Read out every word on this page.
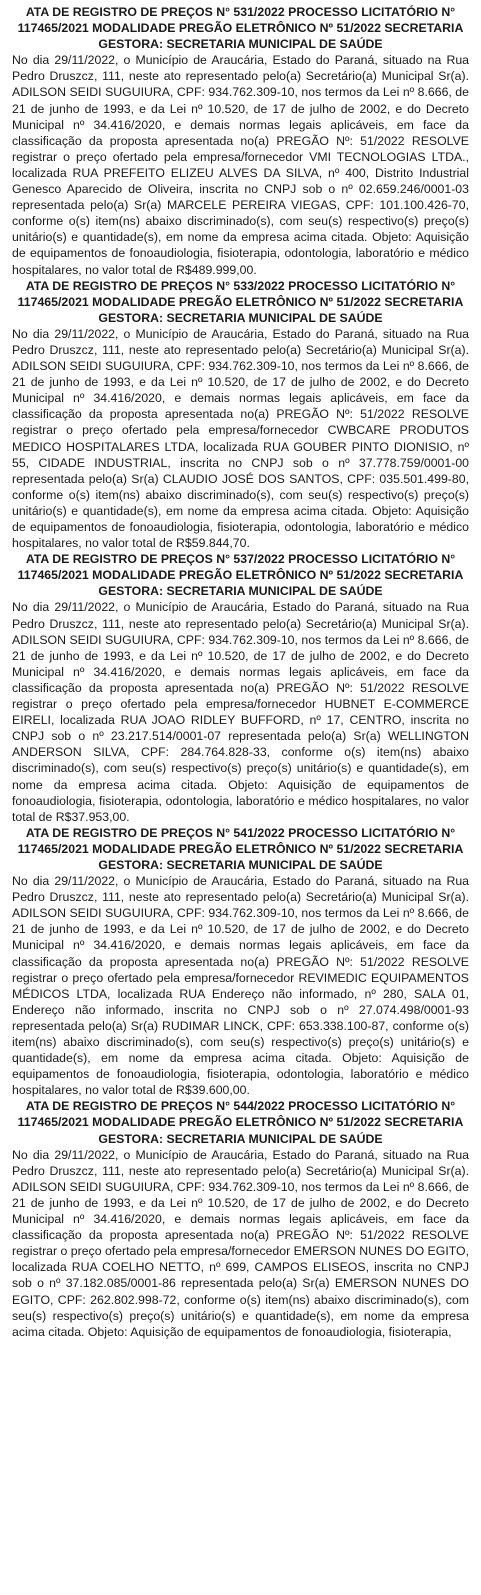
ATA DE REGISTRO DE PREÇOS N° 531/2022 PROCESSO LICITATÓRIO N° 117465/2021 MODALIDADE PREGÃO ELETRÔNICO Nº 51/2022 SECRETARIA GESTORA: SECRETARIA MUNICIPAL DE SAÚDE

No dia 29/11/2022, o Município de Araucária, Estado do Paraná, situado na Rua Pedro Druszcz, 111, neste ato representado pelo(a) Secretário(a) Municipal Sr(a). ADILSON SEIDI SUGUIURA, CPF: 934.762.309-10, nos termos da Lei nº 8.666, de 21 de junho de 1993, e da Lei nº 10.520, de 17 de julho de 2002, e do Decreto Municipal nº 34.416/2020, e demais normas legais aplicáveis, em face da classificação da proposta apresentada no(a) PREGÃO Nº: 51/2022 RESOLVE registrar o preço ofertado pela empresa/fornecedor VMI TECNOLOGIAS LTDA., localizada RUA PREFEITO ELIZEU ALVES DA SILVA, nº 400, Distrito Industrial Genesco Aparecido de Oliveira, inscrita no CNPJ sob o nº 02.659.246/0001-03 representada pelo(a) Sr(a) MARCELE PEREIRA VIEGAS, CPF: 101.100.426-70, conforme o(s) item(ns) abaixo discriminado(s), com seu(s) respectivo(s) preço(s) unitário(s) e quantidade(s), em nome da empresa acima citada. Objeto: Aquisição de equipamentos de fonoaudiologia, fisioterapia, odontologia, laboratório e médico hospitalares, no valor total de R$489.999,00.

ATA DE REGISTRO DE PREÇOS N° 533/2022 PROCESSO LICITATÓRIO N° 117465/2021 MODALIDADE PREGÃO ELETRÔNICO Nº 51/2022 SECRETARIA GESTORA: SECRETARIA MUNICIPAL DE SAÚDE

No dia 29/11/2022, o Município de Araucária, Estado do Paraná, situado na Rua Pedro Druszcz, 111, neste ato representado pelo(a) Secretário(a) Municipal Sr(a). ADILSON SEIDI SUGUIURA, CPF: 934.762.309-10, nos termos da Lei nº 8.666, de 21 de junho de 1993, e da Lei nº 10.520, de 17 de julho de 2002, e do Decreto Municipal nº 34.416/2020, e demais normas legais aplicáveis, em face da classificação da proposta apresentada no(a) PREGÃO Nº: 51/2022 RESOLVE registrar o preço ofertado pela empresa/fornecedor CWBCARE PRODUTOS MEDICO HOSPITALARES LTDA, localizada RUA GOUBER PINTO DIONISIO, nº 55, CIDADE INDUSTRIAL, inscrita no CNPJ sob o nº 37.778.759/0001-00 representada pelo(a) Sr(a) CLAUDIO JOSÉ DOS SANTOS, CPF: 035.501.499-80, conforme o(s) item(ns) abaixo discriminado(s), com seu(s) respectivo(s) preço(s) unitário(s) e quantidade(s), em nome da empresa acima citada. Objeto: Aquisição de equipamentos de fonoaudiologia, fisioterapia, odontologia, laboratório e médico hospitalares, no valor total de R$59.844,70.

ATA DE REGISTRO DE PREÇOS N° 537/2022 PROCESSO LICITATÓRIO N° 117465/2021 MODALIDADE PREGÃO ELETRÔNICO Nº 51/2022 SECRETARIA GESTORA: SECRETARIA MUNICIPAL DE SAÚDE

No dia 29/11/2022, o Município de Araucária, Estado do Paraná, situado na Rua Pedro Druszcz, 111, neste ato representado pelo(a) Secretário(a) Municipal Sr(a). ADILSON SEIDI SUGUIURA, CPF: 934.762.309-10, nos termos da Lei nº 8.666, de 21 de junho de 1993, e da Lei nº 10.520, de 17 de julho de 2002, e do Decreto Municipal nº 34.416/2020, e demais normas legais aplicáveis, em face da classificação da proposta apresentada no(a) PREGÃO Nº: 51/2022 RESOLVE registrar o preço ofertado pela empresa/fornecedor HUBNET E-COMMERCE EIRELI, localizada RUA JOAO RIDLEY BUFFORD, nº 17, CENTRO, inscrita no CNPJ sob o nº 23.217.514/0001-07 representada pelo(a) Sr(a) WELLINGTON ANDERSON SILVA, CPF: 284.764.828-33, conforme o(s) item(ns) abaixo discriminado(s), com seu(s) respectivo(s) preço(s) unitário(s) e quantidade(s), em nome da empresa acima citada. Objeto: Aquisição de equipamentos de fonoaudiologia, fisioterapia, odontologia, laboratório e médico hospitalares, no valor total de R$37.953,00.

ATA DE REGISTRO DE PREÇOS N° 541/2022 PROCESSO LICITATÓRIO N° 117465/2021 MODALIDADE PREGÃO ELETRÔNICO Nº 51/2022 SECRETARIA GESTORA: SECRETARIA MUNICIPAL DE SAÚDE

No dia 29/11/2022, o Município de Araucária, Estado do Paraná, situado na Rua Pedro Druszcz, 111, neste ato representado pelo(a) Secretário(a) Municipal Sr(a). ADILSON SEIDI SUGUIURA, CPF: 934.762.309-10, nos termos da Lei nº 8.666, de 21 de junho de 1993, e da Lei nº 10.520, de 17 de julho de 2002, e do Decreto Municipal nº 34.416/2020, e demais normas legais aplicáveis, em face da classificação da proposta apresentada no(a) PREGÃO Nº: 51/2022 RESOLVE registrar o preço ofertado pela empresa/fornecedor REVIMEDIC EQUIPAMENTOS MÉDICOS LTDA, localizada RUA Endereço não informado, nº 280, SALA 01, Endereço não informado, inscrita no CNPJ sob o nº 27.074.498/0001-93 representada pelo(a) Sr(a) RUDIMAR LINCK, CPF: 653.338.100-87, conforme o(s) item(ns) abaixo discriminado(s), com seu(s) respectivo(s) preço(s) unitário(s) e quantidade(s), em nome da empresa acima citada. Objeto: Aquisição de equipamentos de fonoaudiologia, fisioterapia, odontologia, laboratório e médico hospitalares, no valor total de R$39.600,00.

ATA DE REGISTRO DE PREÇOS N° 544/2022 PROCESSO LICITATÓRIO N° 117465/2021 MODALIDADE PREGÃO ELETRÔNICO Nº 51/2022 SECRETARIA GESTORA: SECRETARIA MUNICIPAL DE SAÚDE

No dia 29/11/2022, o Município de Araucária, Estado do Paraná, situado na Rua Pedro Druszcz, 111, neste ato representado pelo(a) Secretário(a) Municipal Sr(a). ADILSON SEIDI SUGUIURA, CPF: 934.762.309-10, nos termos da Lei nº 8.666, de 21 de junho de 1993, e da Lei nº 10.520, de 17 de julho de 2002, e do Decreto Municipal nº 34.416/2020, e demais normas legais aplicáveis, em face da classificação da proposta apresentada no(a) PREGÃO Nº: 51/2022 RESOLVE registrar o preço ofertado pela empresa/fornecedor EMERSON NUNES DO EGITO, localizada RUA COELHO NETTO, nº 699, CAMPOS ELISEOS, inscrita no CNPJ sob o nº 37.182.085/0001-86 representada pelo(a) Sr(a) EMERSON NUNES DO EGITO, CPF: 262.802.998-72, conforme o(s) item(ns) abaixo discriminado(s), com seu(s) respectivo(s) preço(s) unitário(s) e quantidade(s), em nome da empresa acima citada. Objeto: Aquisição de equipamentos de fonoaudiologia, fisioterapia,
